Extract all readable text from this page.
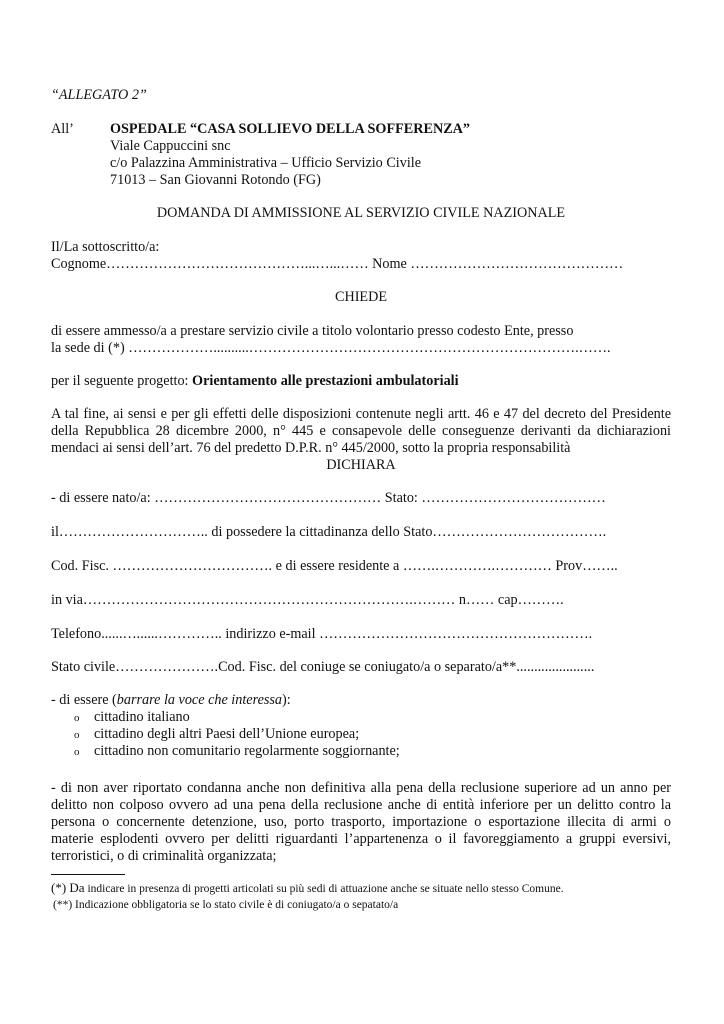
“ALLEGATO 2”
All’	OSPEDALE “CASA SOLLIEVO DELLA SOFFERENZA”
Viale Cappuccini snc
c/o Palazzina Amministrativa – Ufficio Servizio Civile
71013 – San Giovanni Rotondo (FG)
DOMANDA DI AMMISSIONE AL SERVIZIO CIVILE NAZIONALE
Il/La sottoscritto/a:
Cognome……………………………………...…...…… Nome ………………………………………
CHIEDE
di essere ammesso/a a prestare servizio civile a titolo volontario presso codesto Ente, presso
la sede di (*) ………………..........…………………………………………………………….…….
per il seguente progetto: Orientamento alle prestazioni ambulatoriali
A tal fine, ai sensi e per gli effetti delle disposizioni contenute negli artt. 46 e 47 del decreto del Presidente della Repubblica 28 dicembre 2000, n° 445 e consapevole delle conseguenze derivanti da dichiarazioni mendaci ai sensi dell’art. 76 del predetto D.P.R. n° 445/2000, sotto la propria responsabilità
DICHIARA
- di essere nato/a: ………………………………………… Stato: …………………………………
il………………………….. di possedere la cittadinanza dello Stato……………………………….
Cod. Fisc. ……………………………. e di essere residente a …….………….………… Prov……..
in via…………………………………………………………….……… n…… cap……….
Telefono......…......………….. indirizzo e-mail ………………………………………………….
Stato civile………………….Cod. Fisc. del coniuge se coniugato/a o separato/a**......................
- di essere (barrare la voce che interessa):
o cittadino italiano
o cittadino degli altri Paesi dell’Unione europea;
o cittadino non comunitario regolarmente soggiornante;
- di non aver riportato condanna anche non definitiva alla pena della reclusione superiore ad un anno per delitto non colposo ovvero ad una pena della reclusione anche di entità inferiore per un delitto contro la persona o concernente detenzione, uso, porto trasporto, importazione o esportazione illecita di armi o materie esplodenti ovvero per delitti riguardanti l’appartenenza o il favoreggiamento a gruppi eversivi, terroristici, o di criminalità organizzata;
(*) Da indicare in presenza di progetti articolati su più sedi di attuazione anche se situate nello stesso Comune.
(**) Indicazione obbligatoria se lo stato civile è di coniugato/a o sepatato/a
